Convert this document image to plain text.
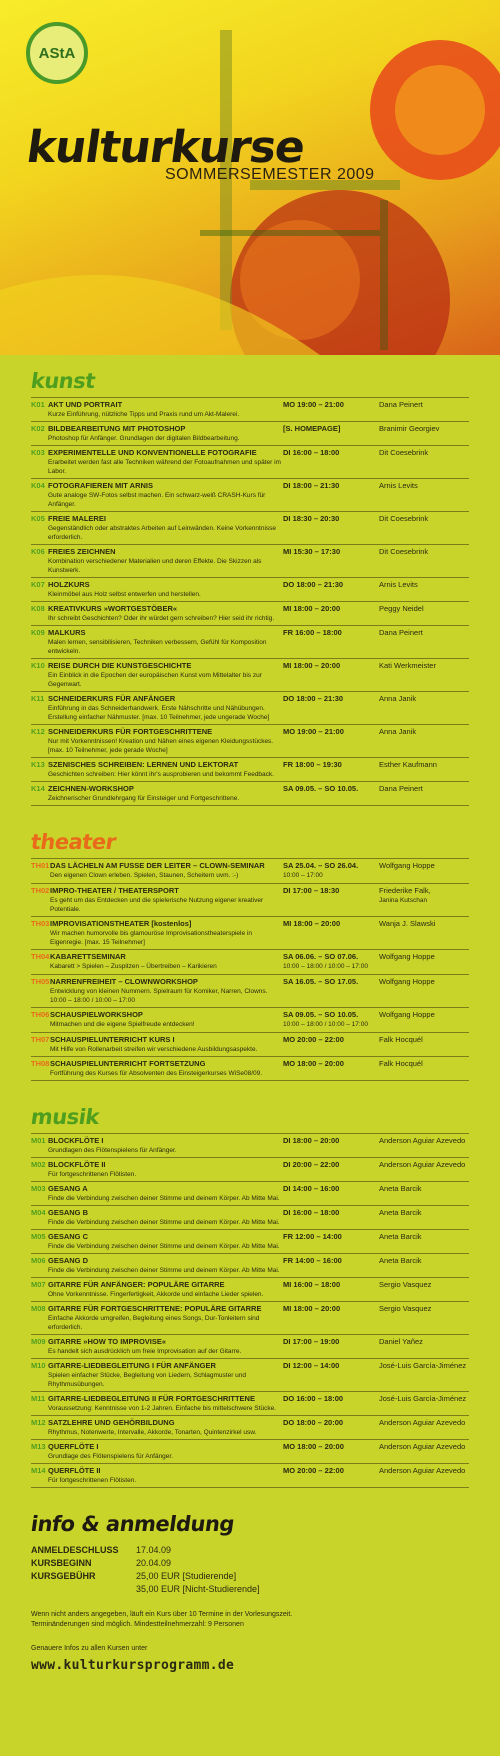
AStA
kulturkurse
SOMMERSEMESTER 2009
kunst
K01 AKT UND PORTRAIT	MO 19:00 – 21:00	Dana Peinert
Kurze Einführung, nützliche Tipps und Praxis rund um Akt-Malerei.
K02 BILDBEARBEITUNG MIT PHOTOSHOP	[S. HOMEPAGE]	Branimir Georgiev
Photoshop für Anfänger. Grundlagen der digitalen Bildbearbeitung.
K03 EXPERIMENTELLE UND KONVENTIONELLE FOTOGRAFIE	DI 16:00 – 18:00	Dit Coesebrink
Erarbeitet werden fast alle Techniken während der Fotoaufnahmen und später im Labor.
K04 FOTOGRAFIEREN MIT ARNIS	DI 18:00 – 21:30	Arnis Levits
Gute analoge SW-Fotos selbst machen. Ein schwarz-weiß CRASH-Kurs für Anfänger.
K05 FREIE MALEREI	DI 18:30 – 20:30	Dit Coesebrink
Gegenständlich oder abstraktes Arbeiten auf Leinwänden. Keine Vorkenntnisse erforderlich.
K06 FREIES ZEICHNEN	MI 15:30 – 17:30	Dit Coesebrink
Kombination verschiedener Materialien und deren Effekte. Die Skizzen als Kunstwerk.
K07 HOLZKURS	DO 18:00 – 21:30	Arnis Levits
Kleinmöbel aus Holz selbst entwerfen und herstellen.
K08 KREATIVKURS »WORTGESTÖBER«	MI 18:00 – 20:00	Peggy Neidel
Ihr schreibt Geschichten? Oder ihr würdet gern schreiben? Hier seid ihr richtig.
K09 MALKURS	FR 16:00 – 18:00	Dana Peinert
Malen lernen, sensibilisieren, Techniken verbessern, Gefühl für Komposition entwickeln.
K10 REISE DURCH DIE KUNSTGESCHICHTE	MI 18:00 – 20:00	Kati Werkmeister
Ein Einblick in die Epochen der europäischen Kunst vom Mittelalter bis zur Gegenwart.
K11 SCHNEIDERKURS FÜR ANFÄNGER	DO 18:00 – 21:30	Anna Janik
Einführung in das Schneiderhandwerk. Erste Nähschritte und Nähübungen. Erstellung einfacher Nähmuster. [max. 10 Teilnehmer, jede ungerade Woche]
K12 SCHNEIDERKURS FÜR FORTGESCHRITTENE	MO 19:00 – 21:00	Anna Janik
Nur mit Vorkenntnissen! Kreation und Nähen eines eigenen Kleidungsstückes. [max. 10 Teilnehmer, jede gerade Woche]
K13 SZENISCHES SCHREIBEN: LERNEN UND LEKTORAT	FR 18:00 – 19:30	Esther Kaufmann
Geschichten schreiben: Hier könnt ihr's ausprobieren und bekommt Feedback.
K14 ZEICHNEN-WORKSHOP	SA 09.05. – SO 10.05.	Dana Peinert
Zeichnerischer Grundlehrgang für Einsteiger und Fortgeschrittene.
theater
TH01 DAS LÄCHELN AM FUSSE DER LEITER – CLOWN-SEMINAR	SA 25.04. – SO 26.04.	Wolfgang Hoppe
Den eigenen Clown erleben. Spielen, Staunen, Scheitern uvm. :-)	10:00 – 17:00
TH02 IMPRO-THEATER / THEATERSPORT	DI 17:00 – 18:30	Friederike Falk,
Es geht um das Entdecken und die spielerische Nutzung eigener kreativer Potentiale.
Janina Kutschan
TH03 IMPROVISATIONSTHEATER [kostenlos]	MI 18:00 – 20:00	Wanja J. Slawski
Wir machen humorvolle bis glamouröse Improvisationstheaterspiele in Eigenregie. [max. 15 Teilnehmer]
TH04 KABARETTSEMINAR	SA 06.06. – SO 07.06.	Wolfgang Hoppe
Kabarett > Spielen – Zuspitzen – Übertreiben – Karikieren	10:00 – 18:00 / 10:00 – 17:00
TH05 NARRENFREIHEIT – CLOWNWORKSHOP	SA 16.05. – SO 17.05.	Wolfgang Hoppe
Entwicklung von kleinen Nummern. Spielraum für Komiker, Narren, Clowns. 10:00 – 18:00 / 10:00 – 17:00
TH06 SCHAUSPIELWORKSHOP	SA 09.05. – SO 10.05.	Wolfgang Hoppe
Mitmachen und die eigene Spielfreude entdecken!	10:00 – 18:00 / 10:00 – 17:00
TH07 SCHAUSPIELUNTERRICHT KURS I	MO 20:00 – 22:00	Falk Hocquél
Mit Hilfe von Rollenarbeit streifen wir verschiedene Ausbildungsaspekte.
TH08 SCHAUSPIELUNTERRICHT FORTSETZUNG	MO 18:00 – 20:00	Falk Hocquél
Fortführung des Kurses für Absolventen des Einsteigerkurses WiSe08/09.
musik
M01 BLOCKFLÖTE I	DI 18:00 – 20:00	Anderson Aguiar Azevedo
Grundlagen des Flötenspielens für Anfänger.
M02 BLOCKFLÖTE II	DI 20:00 – 22:00	Anderson Aguiar Azevedo
Für fortgeschrittenen Flötisten.
M03 GESANG A	DI 14:00 – 16:00	Aneta Barcik
Finde die Verbindung zwischen deiner Stimme und deinem Körper. Ab Mitte Mai.
M04 GESANG B	DI 16:00 – 18:00	Aneta Barcik
Finde die Verbindung zwischen deiner Stimme und deinem Körper. Ab Mitte Mai.
M05 GESANG C	FR 12:00 – 14:00	Aneta Barcik
Finde die Verbindung zwischen deiner Stimme und deinem Körper. Ab Mitte Mai.
M06 GESANG D	FR 14:00 – 16:00	Aneta Barcik
Finde die Verbindung zwischen deiner Stimme und deinem Körper. Ab Mitte Mai.
M07 GITARRE FÜR ANFÄNGER: POPULÄRE GITARRE	MI 16:00 – 18:00	Sergio Vasquez
Ohne Vorkenntnisse. Fingerfertigkeit, Akkorde und einfache Lieder spielen.
M08 GITARRE FÜR FORTGESCHRITTENE: POPULÄRE GITARRE	MI 18:00 – 20:00	Sergio Vasquez
Einfache Akkorde umgreifen, Begleitung eines Songs, Dur-Tonleitern sind erforderlich.
M09 GITARRE »HOW TO IMPROVISE«	DI 17:00 – 19:00	Daniel Yañez
Es handelt sich ausdrücklich um freie Improvisation auf der Gitarre.
M10 GITARRE-LIEDBEGLEITUNG I FÜR ANFÄNGER	DI 12:00 – 14:00	José-Luis García-Jiménez
Spielen einfacher Stücke, Begleitung von Liedern, Schlagmuster und Rhythmusübungen.
M11 GITARRE-LIEDBEGLEITUNG II FÜR FORTGESCHRITTENE	DO 16:00 – 18:00	José-Luis García-Jiménez
Voraussetzung: Kenntnisse von 1-2 Jahren. Einfache bis mittelschwere Stücke.
M12 SATZLEHRE UND GEHÖRBILDUNG	DO 18:00 – 20:00	Anderson Aguiar Azevedo
Rhythmus, Notenwerte, Intervalle, Akkorde, Tonarten, Quintenzirkel usw.
M13 QUERFLÖTE I	MO 18:00 – 20:00	Anderson Aguiar Azevedo
Grundlage des Flötenspielens für Anfänger.
M14 QUERFLÖTE II	MO 20:00 – 22:00	Anderson Aguiar Azevedo
Für fortgeschrittenen Flötisten.
info & anmeldung
ANMELDESCHLUSS	17.04.09
KURSBEGINN	20.04.09
KURSGEBÜHR	25,00 EUR [Studierende]
35,00 EUR [Nicht-Studierende]
Wenn nicht anders angegeben, läuft ein Kurs über 10 Termine in der Vorlesungszeit.
Terminänderungen sind möglich. Mindestteilnehmerzahl: 9 Personen
Genauere Infos zu allen Kursen unter
www.kulturkursprogramm.de
